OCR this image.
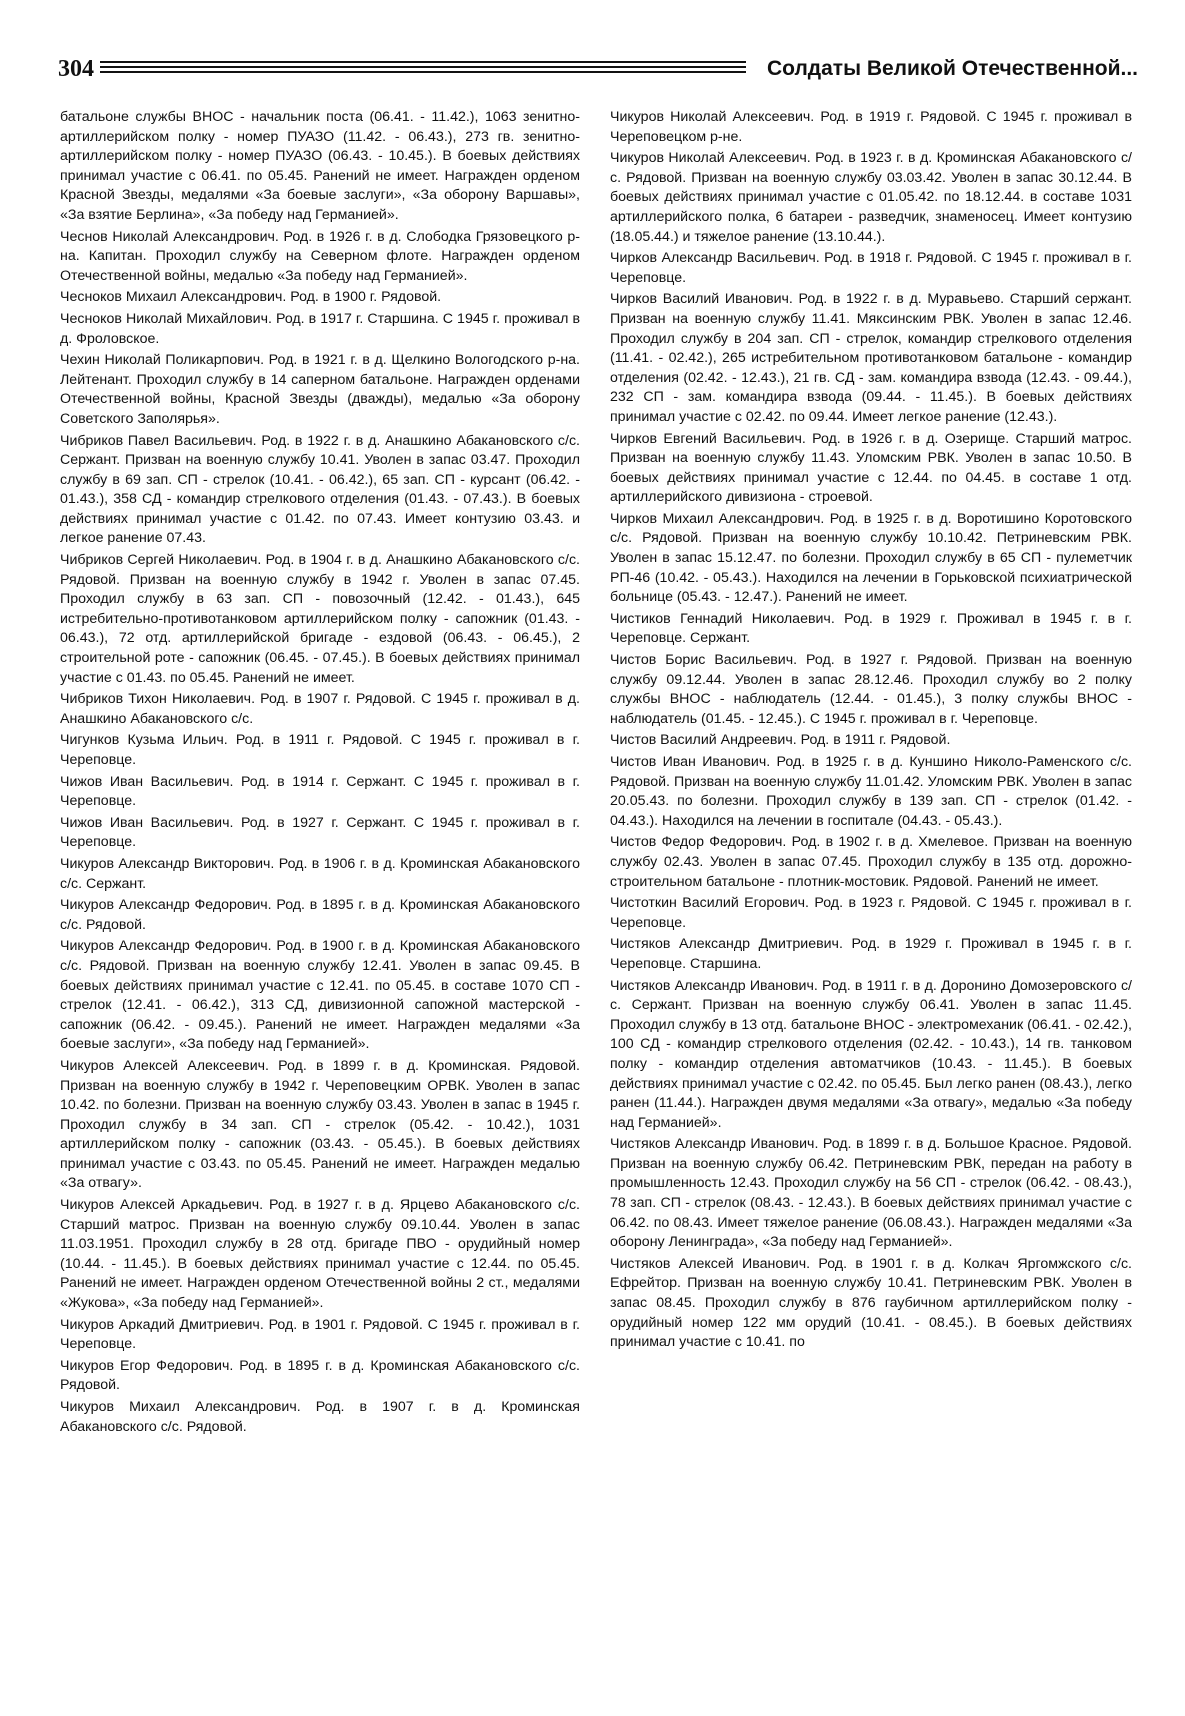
304	Солдаты Великой Отечественной...

батальоне службы ВНОС - начальник поста (06.41. - 11.42.), 1063 зенитно-артиллерийском полку - номер ПУАЗО (11.42. - 06.43.), 273 гв. зенитно-артиллерийском полку - номер ПУАЗО (06.43. - 10.45.). В боевых действиях принимал участие с 06.41. по 05.45. Ранений не имеет. Награжден орденом Красной Звезды, медалями «За боевые заслуги», «За оборону Варшавы», «За взятие Берлина», «За победу над Германией».

Чеснов Николай Александрович. Род. в 1926 г. в д. Слободка Грязовецкого р-на. Капитан. Проходил службу на Северном флоте. Награжден орденом Отечественной войны, медалью «За победу над Германией».

Чесноков Михаил Александрович. Род. в 1900 г. Рядовой.

Чесноков Николай Михайлович. Род. в 1917 г. Старшина. С 1945 г. проживал в д. Фроловское.

Чехин Николай Поликарпович. Род. в 1921 г. в д. Щелкино Вологодского р-на. Лейтенант. Проходил службу в 14 саперном батальоне. Награжден орденами Отечественной войны, Красной Звезды (дважды), медалью «За оборону Советского Заполярья».

Чибриков Павел Васильевич. Род. в 1922 г. в д. Анашкино Абакановского с/с. Сержант. Призван на военную службу 10.41. Уволен в запас 03.47. Проходил службу в 69 зап. СП - стрелок (10.41. - 06.42.), 65 зап. СП - курсант (06.42. - 01.43.), 358 СД - командир стрелкового отделения (01.43. - 07.43.). В боевых действиях принимал участие с 01.42. по 07.43. Имеет контузию 03.43. и легкое ранение 07.43.

Чибриков Сергей Николаевич. Род. в 1904 г. в д. Анашкино Абакановского с/с. Рядовой. Призван на военную службу в 1942 г. Уволен в запас 07.45. Проходил службу в 63 зап. СП - повозочный (12.42. - 01.43.), 645 истребительно-противотанковом артиллерийском полку - сапожник (01.43. - 06.43.), 72 отд. артиллерийской бригаде - ездовой (06.43. - 06.45.), 2 строительной роте - сапожник (06.45. - 07.45.). В боевых действиях принимал участие с 01.43. по 05.45. Ранений не имеет.

Чибриков Тихон Николаевич. Род. в 1907 г. Рядовой. С 1945 г. проживал в д. Анашкино Абакановского с/с.

Чигунков Кузьма Ильич. Род. в 1911 г. Рядовой. С 1945 г. проживал в г. Череповце.

Чижов Иван Васильевич. Род. в 1914 г. Сержант. С 1945 г. проживал в г. Череповце.

Чижов Иван Васильевич. Род. в 1927 г. Сержант. С 1945 г. проживал в г. Череповце.

Чикуров Александр Викторович. Род. в 1906 г. в д. Кроминская Абакановского с/с. Сержант.

Чикуров Александр Федорович. Род. в 1895 г. в д. Кроминская Абакановского с/с. Рядовой.

Чикуров Александр Федорович. Род. в 1900 г. в д. Кроминская Абакановского с/с. Рядовой. Призван на военную службу 12.41. Уволен в запас 09.45. В боевых действиях принимал участие с 12.41. по 05.45. в составе 1070 СП - стрелок (12.41. - 06.42.), 313 СД, дивизионной сапожной мастерской - сапожник (06.42. - 09.45.). Ранений не имеет. Награжден медалями «За боевые заслуги», «За победу над Германией».

Чикуров Алексей Алексеевич. Род. в 1899 г. в д. Кроминская. Рядовой. Призван на военную службу в 1942 г. Череповецким ОРВК. Уволен в запас 10.42. по болезни. Призван на военную службу 03.43. Уволен в запас в 1945 г. Проходил службу в 34 зап. СП - стрелок (05.42. - 10.42.), 1031 артиллерийском полку - сапожник (03.43. - 05.45.). В боевых действиях принимал участие с 03.43. по 05.45. Ранений не имеет. Награжден медалью «За отвагу».

Чикуров Алексей Аркадьевич. Род. в 1927 г. в д. Ярцево Абакановского с/с. Старший матрос. Призван на военную службу 09.10.44. Уволен в запас 11.03.1951. Проходил службу в 28 отд. бригаде ПВО - орудийный номер (10.44. - 11.45.). В боевых действиях принимал участие с 12.44. по 05.45. Ранений не имеет. Награжден орденом Отечественной войны 2 ст., медалями «Жукова», «За победу над Германией».

Чикуров Аркадий Дмитриевич. Род. в 1901 г. Рядовой. С 1945 г. проживал в г. Череповце.

Чикуров Егор Федорович. Род. в 1895 г. в д. Кроминская Абакановского с/с. Рядовой.

Чикуров Михаил Александрович. Род. в 1907 г. в д. Кроминская Абакановского с/с. Рядовой.

Чикуров Николай Алексеевич. Род. в 1919 г. Рядовой. С 1945 г. проживал в Череповецком р-не.

Чикуров Николай Алексеевич. Род. в 1923 г. в д. Кроминская Абакановского с/с. Рядовой. Призван на военную службу 03.03.42. Уволен в запас 30.12.44. В боевых действиях принимал участие с 01.05.42. по 18.12.44. в составе 1031 артиллерийского полка, 6 батареи - разведчик, знаменосец. Имеет контузию (18.05.44.) и тяжелое ранение (13.10.44.).

Чирков Александр Васильевич. Род. в 1918 г. Рядовой. С 1945 г. проживал в г. Череповце.

Чирков Василий Иванович. Род. в 1922 г. в д. Муравьево. Старший сержант. Призван на военную службу 11.41. Мяксинским РВК. Уволен в запас 12.46. Проходил службу в 204 зап. СП - стрелок, командир стрелкового отделения (11.41. - 02.42.), 265 истребительном противотанковом батальоне - командир отделения (02.42. - 12.43.), 21 гв. СД - зам. командира взвода (12.43. - 09.44.), 232 СП - зам. командира взвода (09.44. - 11.45.). В боевых действиях принимал участие с 02.42. по 09.44. Имеет легкое ранение (12.43.).

Чирков Евгений Васильевич. Род. в 1926 г. в д. Озерище. Старший матрос. Призван на военную службу 11.43. Уломским РВК. Уволен в запас 10.50. В боевых действиях принимал участие с 12.44. по 04.45. в составе 1 отд. артиллерийского дивизиона - строевой.

Чирков Михаил Александрович. Род. в 1925 г. в д. Воротишино Коротовского с/с. Рядовой. Призван на военную службу 10.10.42. Петриневским РВК. Уволен в запас 15.12.47. по болезни. Проходил службу в 65 СП - пулеметчик РП-46 (10.42. - 05.43.). Находился на лечении в Горьковской психиатрической больнице (05.43. - 12.47.). Ранений не имеет.

Чистиков Геннадий Николаевич. Род. в 1929 г. Проживал в 1945 г. в г. Череповце. Сержант.

Чистов Борис Васильевич. Род. в 1927 г. Рядовой. Призван на военную службу 09.12.44. Уволен в запас 28.12.46. Проходил службу во 2 полку службы ВНОС - наблюдатель (12.44. - 01.45.), 3 полку службы ВНОС - наблюдатель (01.45. - 12.45.). С 1945 г. проживал в г. Череповце.

Чистов Василий Андреевич. Род. в 1911 г. Рядовой.

Чистов Иван Иванович. Род. в 1925 г. в д. Куншино Николо-Раменского с/с. Рядовой. Призван на военную службу 11.01.42. Уломским РВК. Уволен в запас 20.05.43. по болезни. Проходил службу в 139 зап. СП - стрелок (01.42. - 04.43.). Находился на лечении в госпитале (04.43. - 05.43.).

Чистов Федор Федорович. Род. в 1902 г. в д. Хмелевое. Призван на военную службу 02.43. Уволен в запас 07.45. Проходил службу в 135 отд. дорожно-строительном батальоне - плотник-мостовик. Рядовой. Ранений не имеет.

Чистоткин Василий Егорович. Род. в 1923 г. Рядовой. С 1945 г. проживал в г. Череповце.

Чистяков Александр Дмитриевич. Род. в 1929 г. Проживал в 1945 г. в г. Череповце. Старшина.

Чистяков Александр Иванович. Род. в 1911 г. в д. Доронино Домозеровского с/с. Сержант. Призван на военную службу 06.41. Уволен в запас 11.45. Проходил службу в 13 отд. батальоне ВНОС - электромеханик (06.41. - 02.42.), 100 СД - командир стрелкового отделения (02.42. - 10.43.), 14 гв. танковом полку - командир отделения автоматчиков (10.43. - 11.45.). В боевых действиях принимал участие с 02.42. по 05.45. Был легко ранен (08.43.), легко ранен (11.44.). Награжден двумя медалями «За отвагу», медалью «За победу над Германией».

Чистяков Александр Иванович. Род. в 1899 г. в д. Большое Красное. Рядовой. Призван на военную службу 06.42. Петриневским РВК, передан на работу в промышленность 12.43. Проходил службу на 56 СП - стрелок (06.42. - 08.43.), 78 зап. СП - стрелок (08.43. - 12.43.). В боевых действиях принимал участие с 06.42. по 08.43. Имеет тяжелое ранение (06.08.43.). Награжден медалями «За оборону Ленинграда», «За победу над Германией».

Чистяков Алексей Иванович. Род. в 1901 г. в д. Колкач Яргомжского с/с. Ефрейтор. Призван на военную службу 10.41. Петриневским РВК. Уволен в запас 08.45. Проходил службу в 876 гаубичном артиллерийском полку - орудийный номер 122 мм орудий (10.41. - 08.45.). В боевых действиях принимал участие с 10.41. по
